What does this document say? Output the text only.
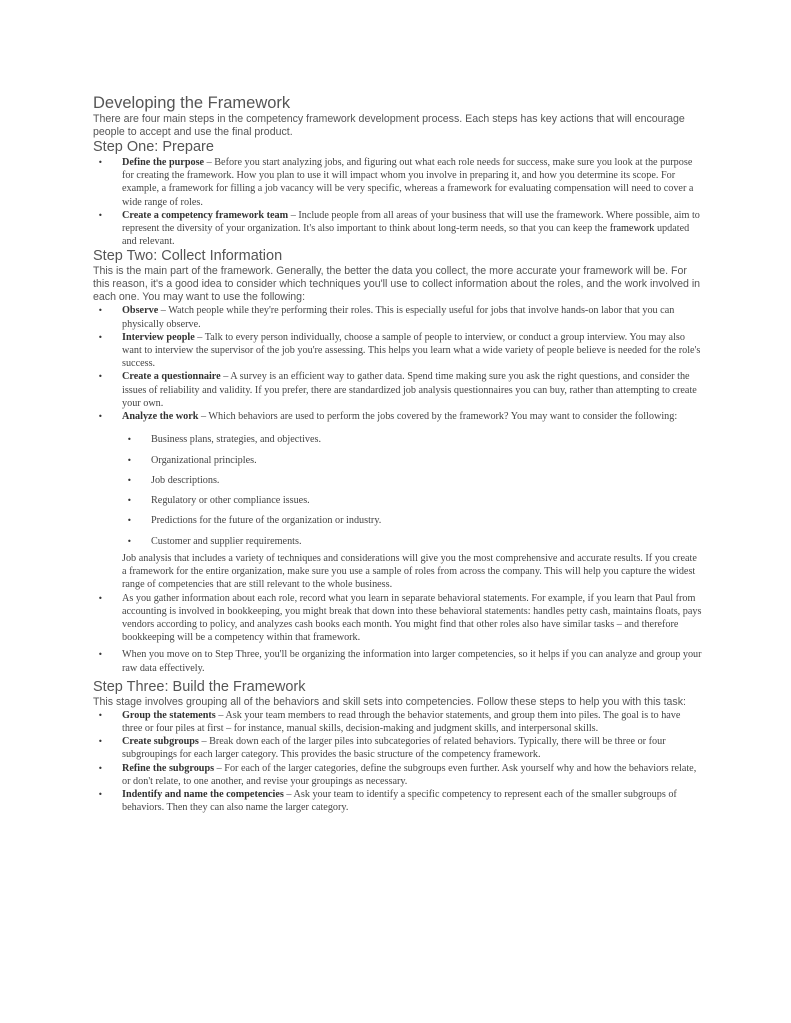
Developing the Framework

There are four main steps in the competency framework development process. Each steps has key actions that will encourage people to accept and use the final product.

Step One: Prepare
• Define the purpose – Before you start analyzing jobs, and figuring out what each role needs for success, make sure you look at the purpose for creating the framework. How you plan to use it will impact whom you involve in preparing it, and how you determine its scope. For example, a framework for filling a job vacancy will be very specific, whereas a framework for evaluating compensation will need to cover a wide range of roles.
• Create a competency framework team – Include people from all areas of your business that will use the framework. Where possible, aim to represent the diversity of your organization. It's also important to think about long-term needs, so that you can keep the framework updated and relevant.
Step Two: Collect Information

This is the main part of the framework. Generally, the better the data you collect, the more accurate your framework will be. For this reason, it's a good idea to consider which techniques you'll use to collect information about the roles, and the work involved in each one. You may want to use the following:

• Observe – Watch people while they're performing their roles. This is especially useful for jobs that involve hands-on labor that you can physically observe.
• Interview people – Talk to every person individually, choose a sample of people to interview, or conduct a group interview. You may also want to interview the supervisor of the job you're assessing. This helps you learn what a wide variety of people believe is needed for the role's success.
• Create a questionnaire – A survey is an efficient way to gather data. Spend time making sure you ask the right questions, and consider the issues of reliability and validity. If you prefer, there are standardized job analysis questionnaires you can buy, rather than attempting to create your own.
• Analyze the work – Which behaviors are used to perform the jobs covered by the framework? You may want to consider the following:
• Business plans, strategies, and objectives.
• Organizational principles.
• Job descriptions.
• Regulatory or other compliance issues.
• Predictions for the future of the organization or industry.
• Customer and supplier requirements.

Job analysis that includes a variety of techniques and considerations will give you the most comprehensive and accurate results. If you create a framework for the entire organization, make sure you use a sample of roles from across the company. This will help you capture the widest range of competencies that are still relevant to the whole business.

• As you gather information about each role, record what you learn in separate behavioral statements. For example, if you learn that Paul from accounting is involved in bookkeeping, you might break that down into these behavioral statements: handles petty cash, maintains floats, pays vendors according to policy, and analyzes cash books each month. You might find that other roles also have similar tasks – and therefore bookkeeping will be a competency within that framework.
• When you move on to Step Three, you'll be organizing the information into larger competencies, so it helps if you can analyze and group your raw data effectively.
Step Three: Build the Framework

This stage involves grouping all of the behaviors and skill sets into competencies. Follow these steps to help you with this task:

• Group the statements – Ask your team members to read through the behavior statements, and group them into piles. The goal is to have three or four piles at first – for instance, manual skills, decision-making and judgment skills, and interpersonal skills.
• Create subgroups – Break down each of the larger piles into subcategories of related behaviors. Typically, there will be three or four subgroupings for each larger category. This provides the basic structure of the competency framework.
• Refine the subgroups – For each of the larger categories, define the subgroups even further. Ask yourself why and how the behaviors relate, or don't relate, to one another, and revise your groupings as necessary.
• Indentify and name the competencies – Ask your team to identify a specific competency to represent each of the smaller subgroups of behaviors. Then they can also name the larger category.
